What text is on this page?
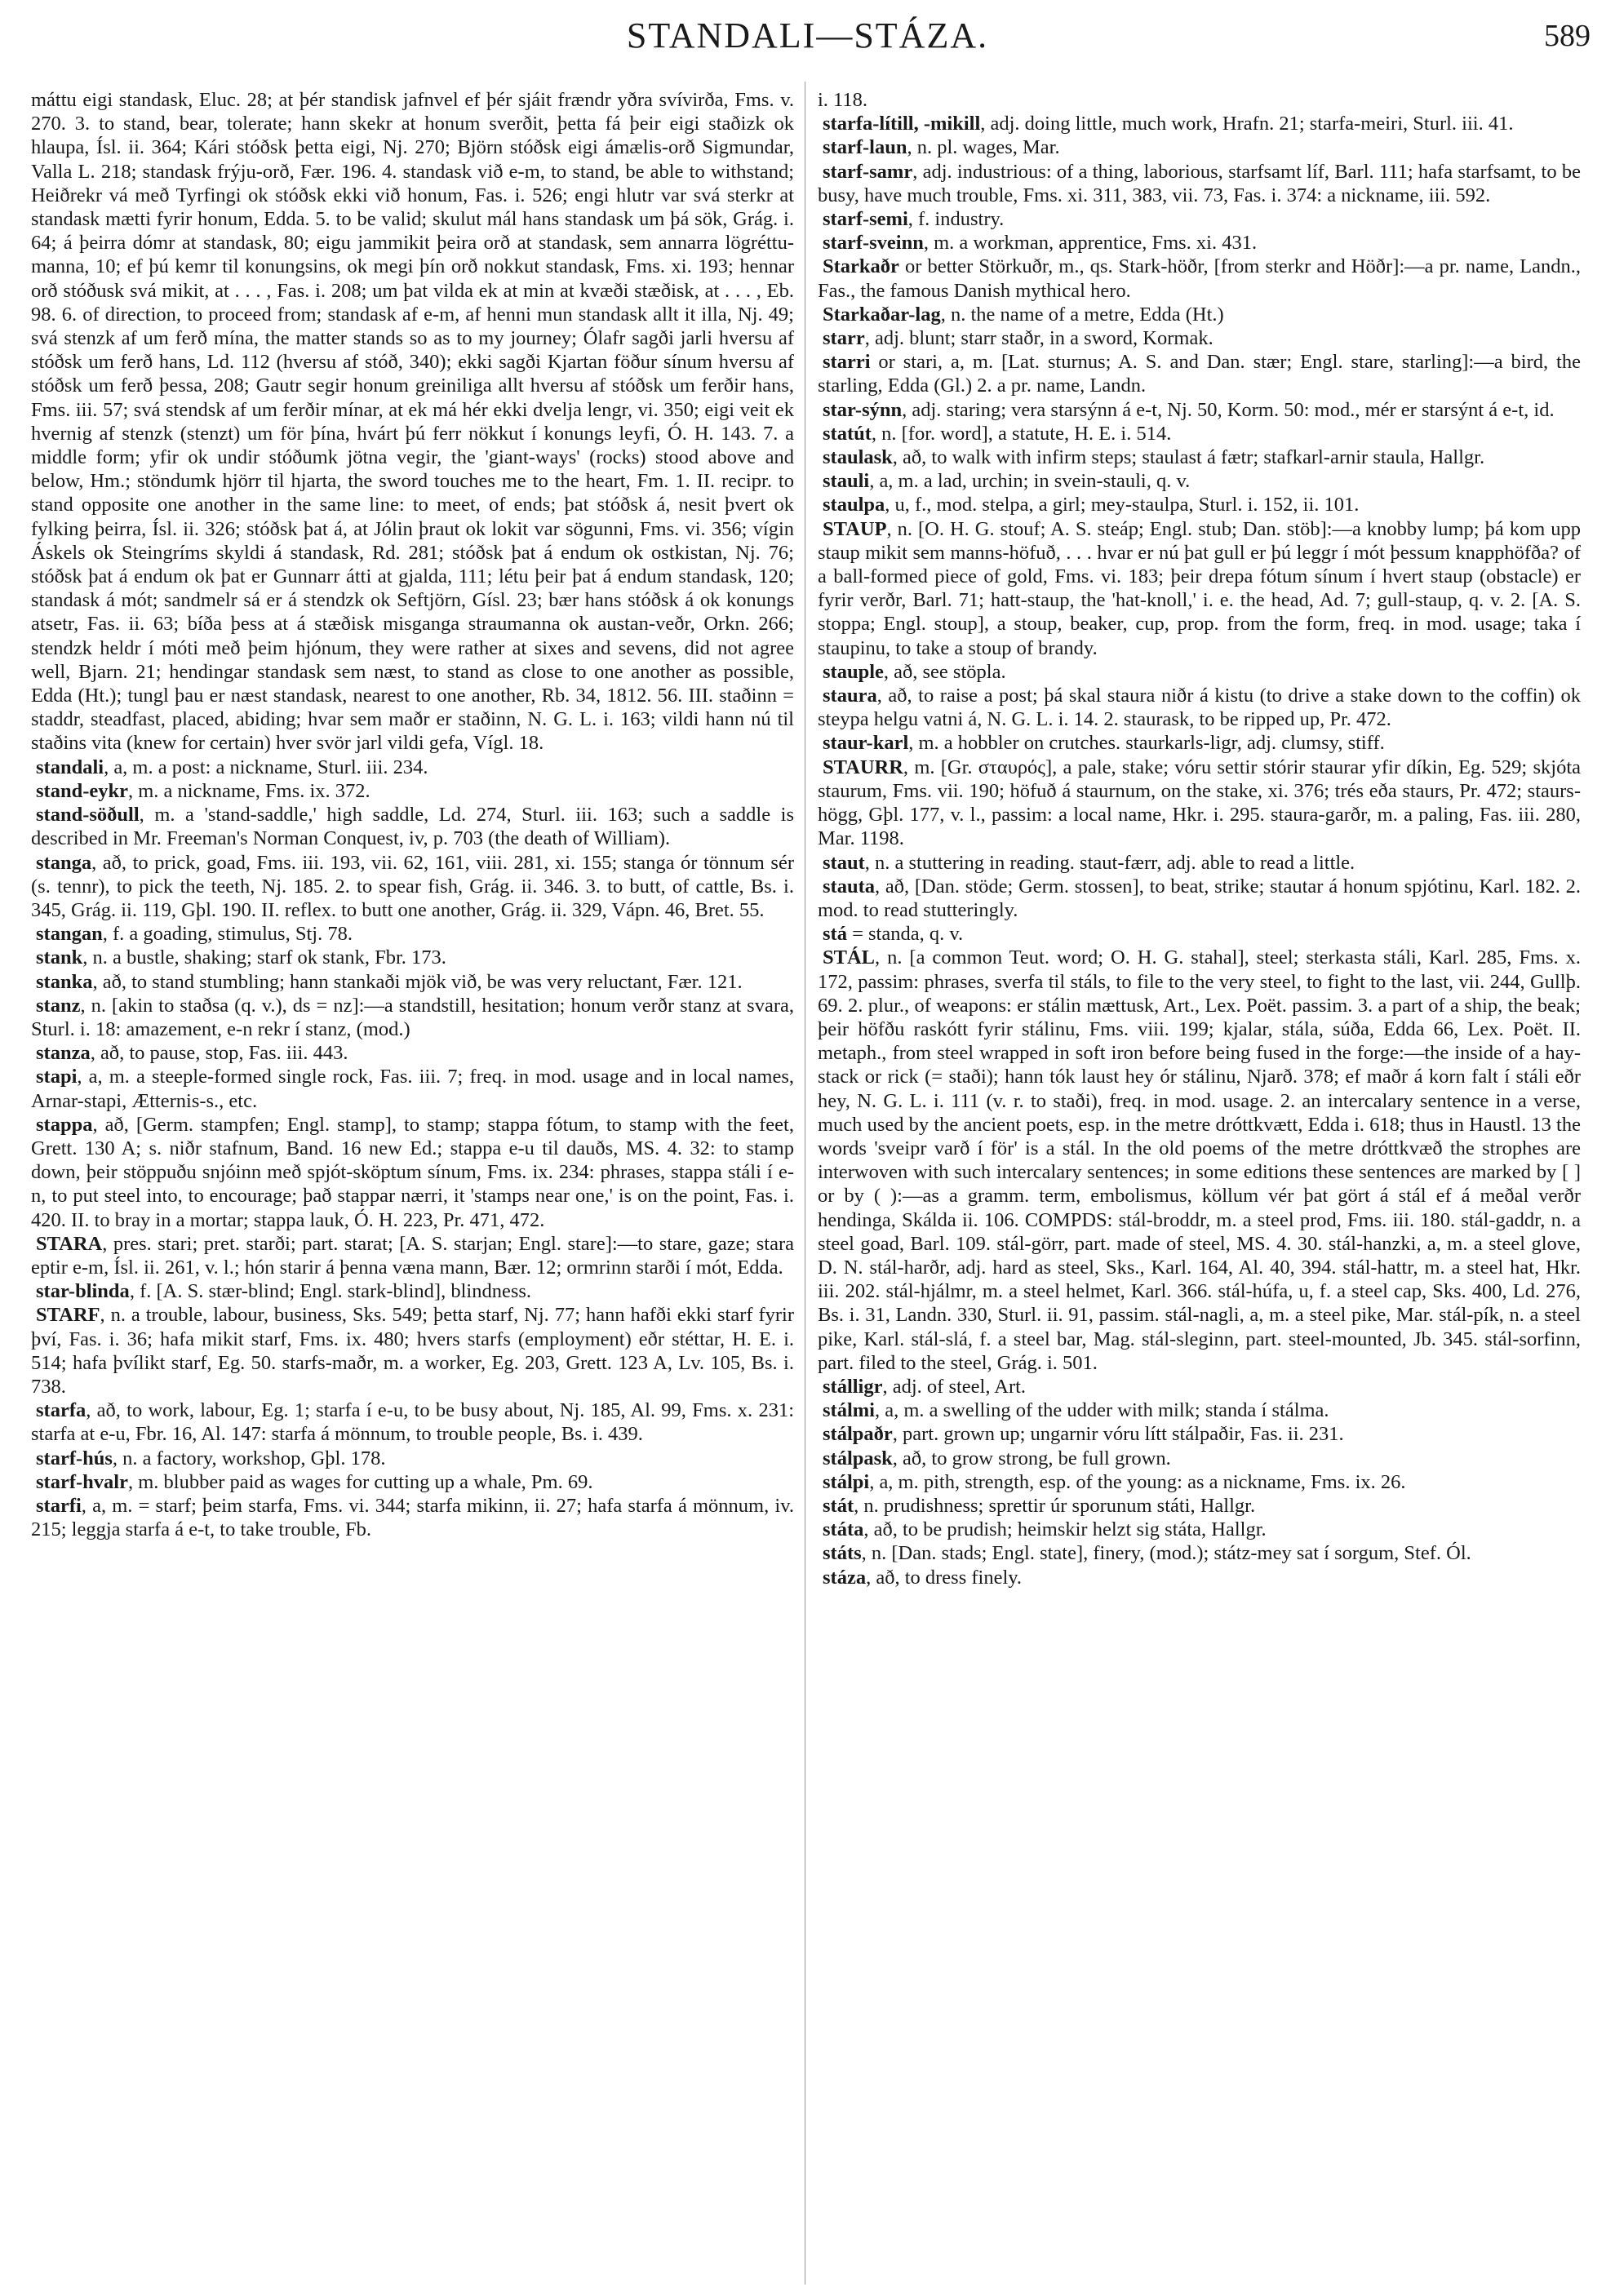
STANDALI—STÁZA.	589

máttu eigi standask, Eluc. 28; at þér standisk jafnvel ef þér sjáit frændr yðra svívirða, Fms. v. 270. 3. to stand, bear, tolerate; hann skekr at honum sverðit, þetta fá þeir eigi staðizk ok hlaupa, Ísl. ii. 364; Kári stóðsk þetta eigi, Nj. 270; Björn stóðsk eigi ámælis-orð Sigmundar, Valla L. 218; standask frýju-orð, Fær. 196. 4. standask við e-m, to stand, be able to withstand; Heiðrekr vá með Tyrfingi ok stóðsk ekki við honum, Fas. i. 526; engi hlutr var svá sterkr at standask mætti fyrir honum, Edda. 5. to be valid; skulut mál hans standask um þá sök, Grág. i. 64; á þeirra dómr at standask, 80; eigu jammikit þeira orð at standask, sem annarra lögréttu-manna, 10; ef þú kemr til konungsins, ok megi þín orð nokkut standask, Fms. xi. 193; hennar orð stóðusk svá mikit, at . . . , Fas. i. 208; um þat vilda ek at min at kvæði stæðisk, at . . . , Eb. 98. 6. of direction, to proceed from; standask af e-m, af henni mun standask allt it illa, Nj. 49; svá stenzk af um ferð mína, the matter stands so as to my journey; Ólafr sagði jarli hversu af stóðsk um ferð hans, Ld. 112 (hversu af stóð, 340); ekki sagði Kjartan föður sínum hversu af stóðsk um ferð þessa, 208; Gautr segir honum greiniliga allt hversu af stóðsk um ferðir hans, Fms. iii. 57; svá stendsk af um ferðir mínar, at ek má hér ekki dvelja lengr, vi. 350; eigi veit ek hvernig af stenzk (stenzt) um för þína, hvárt þú ferr nökkut í konungs leyfi, Ó. H. 143. 7. a middle form; yfir ok undir stóðumk jötna vegir, the 'giant-ways' (rocks) stood above and below, Hm.; stöndumk hjörr til hjarta, the sword touches me to the heart, Fm. 1. II. recipr. to stand opposite one another in the same line: to meet, of ends; þat stóðsk á, nesit þvert ok fylking þeirra, Ísl. ii. 326; stóðsk þat á, at Jólin þraut ok lokit var sögunni, Fms. vi. 356; vígin Áskels ok Steingríms skyldi á standask, Rd. 281; stóðsk þat á endum ok ostkistan, Nj. 76; stóðsk þat á endum ok þat er Gunnarr átti at gjalda, 111; létu þeir þat á endum standask, 120; standask á mót; sandmelr sá er á stendzk ok Seftjörn, Gísl. 23; bær hans stóðsk á ok konungs atsetr, Fas. ii. 63; bíða þess at á stæðisk misganga straumanna ok austan-veðr, Orkn. 266; stendzk heldr í móti með þeim hjónum, they were rather at sixes and sevens, did not agree well, Bjarn. 21; hendingar standask sem næst, to stand as close to one another as possible, Edda (Ht.); tungl þau er næst standask, nearest to one another, Rb. 34, 1812. 56. III. staðinn = staddr, steadfast, placed, abiding; hvar sem maðr er staðinn, N. G. L. i. 163; vildi hann nú til staðins vita (knew for certain) hver svör jarl vildi gefa, Vígl. 18.

standali, a, m. a post: a nickname, Sturl. iii. 234.

stand-eykr, m. a nickname, Fms. ix. 372.

stand-söðull, m. a 'stand-saddle,' high saddle, Ld. 274, Sturl. iii. 163; such a saddle is described in Mr. Freeman's Norman Conquest, iv, p. 703 (the death of William).

stanga, að, to prick, goad, Fms. iii. 193, vii. 62, 161, viii. 281, xi. 155; stanga ór tönnum sér (s. tennr), to pick the teeth, Nj. 185. 2. to spear fish, Grág. ii. 346. 3. to butt, of cattle, Bs. i. 345, Grág. ii. 119, Gþl. 190. II. reflex. to butt one another, Grág. ii. 329, Vápn. 46, Bret. 55.

stangan, f. a goading, stimulus, Stj. 78.

stank, n. a bustle, shaking; starf ok stank, Fbr. 173.

stanka, að, to stand stumbling; hann stankaði mjök við, be was very reluctant, Fær. 121.

stanz, n. [akin to staðsa (q. v.), ds = nz]:—a standstill, hesitation; honum verðr stanz at svara, Sturl. i. 18: amazement, e-n rekr í stanz, (mod.)

stanza, að, to pause, stop, Fas. iii. 443.

stapi, a, m. a steeple-formed single rock, Fas. iii. 7; freq. in mod. usage and in local names, Arnar-stapi, Ætternis-s., etc.

stappa, að, [Germ. stampfen; Engl. stamp], to stamp; stappa fótum, to stamp with the feet, Grett. 130 A; s. niðr stafnum, Band. 16 new Ed.; stappa e-u til dauðs, MS. 4. 32: to stamp down, þeir stöppuðu snjóinn með spjót-sköptum sínum, Fms. ix. 234: phrases, stappa stáli í e-n, to put steel into, to encourage; það stappar nærri, it 'stamps near one,' is on the point, Fas. i. 420. II. to bray in a mortar; stappa lauk, Ó. H. 223, Pr. 471, 472.

STARA, pres. stari; pret. starði; part. starat; [A. S. starjan; Engl. stare]:—to stare, gaze; stara eptir e-m, Ísl. ii. 261, v. l.; hón starir á þenna væna mann, Bær. 12; ormrinn starði í mót, Edda.

star-blinda, f. [A. S. stær-blind; Engl. stark-blind], blindness.

STARF, n. a trouble, labour, business, Sks. 549; þetta starf, Nj. 77; hann hafði ekki starf fyrir því, Fas. i. 36; hafa mikit starf, Fms. ix. 480; hvers starfs (employment) eðr stéttar, H. E. i. 514; hafa þvílikt starf, Eg. 50. starfs-maðr, m. a worker, Eg. 203, Grett. 123 A, Lv. 105, Bs. i. 738.

starfa, að, to work, labour, Eg. 1; starfa í e-u, to be busy about, Nj. 185, Al. 99, Fms. x. 231: starfa at e-u, Fbr. 16, Al. 147: starfa á mönnum, to trouble people, Bs. i. 439.

starf-hús, n. a factory, workshop, Gþl. 178.

starf-hvalr, m. blubber paid as wages for cutting up a whale, Pm. 69.

starfi, a, m. = starf; þeim starfa, Fms. vi. 344; starfa mikinn, ii. 27; hafa starfa á mönnum, iv. 215; leggja starfa á e-t, to take trouble, Fb.

i. 118.

starfa-lítill, -mikill, adj. doing little, much work, Hrafn. 21; starfa-meiri, Sturl. iii. 41.

starf-laun, n. pl. wages, Mar.

starf-samr, adj. industrious: of a thing, laborious, starfsamt líf, Barl. 111; hafa starfsamt, to be busy, have much trouble, Fms. xi. 311, 383, vii. 73, Fas. i. 374: a nickname, iii. 592.

starf-semi, f. industry.

starf-sveinn, m. a workman, apprentice, Fms. xi. 431.

Starkaðr or better Störkuðr, m., qs. Stark-höðr, [from sterkr and Höðr]:—a pr. name, Landn., Fas., the famous Danish mythical hero.

Starkaðar-lag, n. the name of a metre, Edda (Ht.)

starr, adj. blunt; starr staðr, in a sword, Kormak.

starri or stari, a, m. [Lat. sturnus; A. S. and Dan. stær; Engl. stare, starling]:—a bird, the starling, Edda (Gl.) 2. a pr. name, Landn.

star-sýnn, adj. staring; vera starsýnn á e-t, Nj. 50, Korm. 50: mod., mér er starsýnt á e-t, id.

statút, n. [for. word], a statute, H. E. i. 514.

staulask, að, to walk with infirm steps; staulast á fætr; stafkarl-arnir staula, Hallgr.

stauli, a, m. a lad, urchin; in svein-stauli, q. v.

staulpa, u, f., mod. stelpa, a girl; mey-staulpa, Sturl. i. 152, ii. 101.

STAUP, n. [O. H. G. stouf; A. S. steáp; Engl. stub; Dan. stöb]:—a knobby lump; þá kom upp staup mikit sem manns-höfuð, . . . hvar er nú þat gull er þú leggr í mót þessum knapphöfða? of a ball-formed piece of gold, Fms. vi. 183; þeir drepa fótum sínum í hvert staup (obstacle) er fyrir verðr, Barl. 71; hatt-staup, the 'hat-knoll,' i. e. the head, Ad. 7; gull-staup, q. v. 2. [A. S. stoppa; Engl. stoup], a stoup, beaker, cup, prop. from the form, freq. in mod. usage; taka í staupinu, to take a stoup of brandy.

stauple, að, see stöpla.

staura, að, to raise a post; þá skal staura niðr á kistu (to drive a stake down to the coffin) ok steypa helgu vatni á, N. G. L. i. 14. 2. staurask, to be ripped up, Pr. 472.

staur-karl, m. a hobbler on crutches. staurkarls-ligr, adj. clumsy, stiff.

STAURR, m. [Gr. σταυρός], a pale, stake; vóru settir stórir staurar yfir díkin, Eg. 529; skjóta staurum, Fms. vii. 190; höfuð á staurnum, on the stake, xi. 376; trés eða staurs, Pr. 472; staurs-högg, Gþl. 177, v. l., passim: a local name, Hkr. i. 295. staura-garðr, m. a paling, Fas. iii. 280, Mar. 1198.

staut, n. a stuttering in reading. staut-færr, adj. able to read a little.

stauta, að, [Dan. stöde; Germ. stossen], to beat, strike; stautar á honum spjótinu, Karl. 182. 2. mod. to read stutteringly.

stá = standa, q. v.

STÁL, n. [a common Teut. word; O. H. G. stahal], steel; sterkasta stáli, Karl. 285, Fms. x. 172, passim: phrases, sverfa til stáls, to file to the very steel, to fight to the last, vii. 244, Gullþ. 69. 2. plur., of weapons: er stálin mættusk, Art., Lex. Poët. passim. 3. a part of a ship, the beak; þeir höfðu raskótt fyrir stálinu, Fms. viii. 199; kjalar, stála, súða, Edda 66, Lex. Poët. II. metaph., from steel wrapped in soft iron before being fused in the forge:—the inside of a hay-stack or rick (= staði); hann tók laust hey ór stálinu, Njarð. 378; ef maðr á korn falt í stáli eðr hey, N. G. L. i. 111 (v. r. to staði), freq. in mod. usage. 2. an intercalary sentence in a verse, much used by the ancient poets, esp. in the metre dróttkvætt, Edda i. 618; thus in Haustl. 13 the words 'sveipr varð í för' is a stál. In the old poems of the metre dróttkvæð the strophes are interwoven with such intercalary sentences; in some editions these sentences are marked by [ ] or by ( ):—as a gramm. term, embolismus, köllum vér þat gört á stál ef á meðal verðr hendinga, Skálda ii. 106. COMPDS: stál-broddr, m. a steel prod, Fms. iii. 180. stál-gaddr, n. a steel goad, Barl. 109. stál-görr, part. made of steel, MS. 4. 30. stál-hanzki, a, m. a steel glove, D. N. stál-harðr, adj. hard as steel, Sks., Karl. 164, Al. 40, 394. stál-hattr, m. a steel hat, Hkr. iii. 202. stál-hjálmr, m. a steel helmet, Karl. 366. stál-húfa, u, f. a steel cap, Sks. 400, Ld. 276, Bs. i. 31, Landn. 330, Sturl. ii. 91, passim. stál-nagli, a, m. a steel pike, Mar. stál-pík, n. a steel pike, Karl. stál-slá, f. a steel bar, Mag. stál-sleginn, part. steel-mounted, Jb. 345. stál-sorfinn, part. filed to the steel, Grág. i. 501.

stálligr, adj. of steel, Art.

stálmi, a, m. a swelling of the udder with milk; standa í stálma.

stálpaðr, part. grown up; ungarnir vóru lítt stálpaðir, Fas. ii. 231.

stálpask, að, to grow strong, be full grown.

stálpi, a, m. pith, strength, esp. of the young: as a nickname, Fms. ix. 26.

stát, n. prudishness; sprettir úr sporunum státi, Hallgr.

státa, að, to be prudish; heimskir helzt sig státa, Hallgr.

státs, n. [Dan. stads; Engl. state], finery, (mod.); státz-mey sat í sorgum, Stef. Ól.

stáza, að, to dress finely.
